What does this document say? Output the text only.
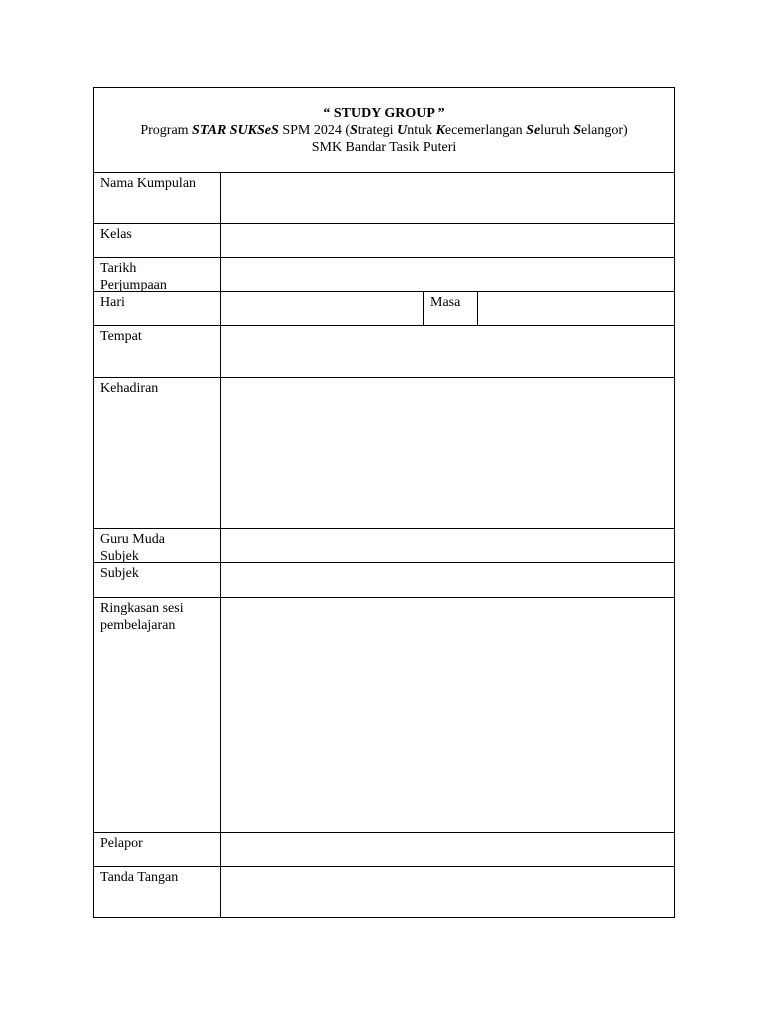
“ STUDY GROUP ”
Program STAR SUKSeS SPM 2024 (Strategi Untuk Kecemerlangan Seluruh Selangor)
SMK Bandar Tasik Puteri
Nama Kumpulan
Kelas
Tarikh
Perjumpaan
Hari	Masa
Tempat
Kehadiran
Guru Muda
Subjek
Subjek
Ringkasan sesi
pembelajaran
Pelapor
Tanda Tangan
